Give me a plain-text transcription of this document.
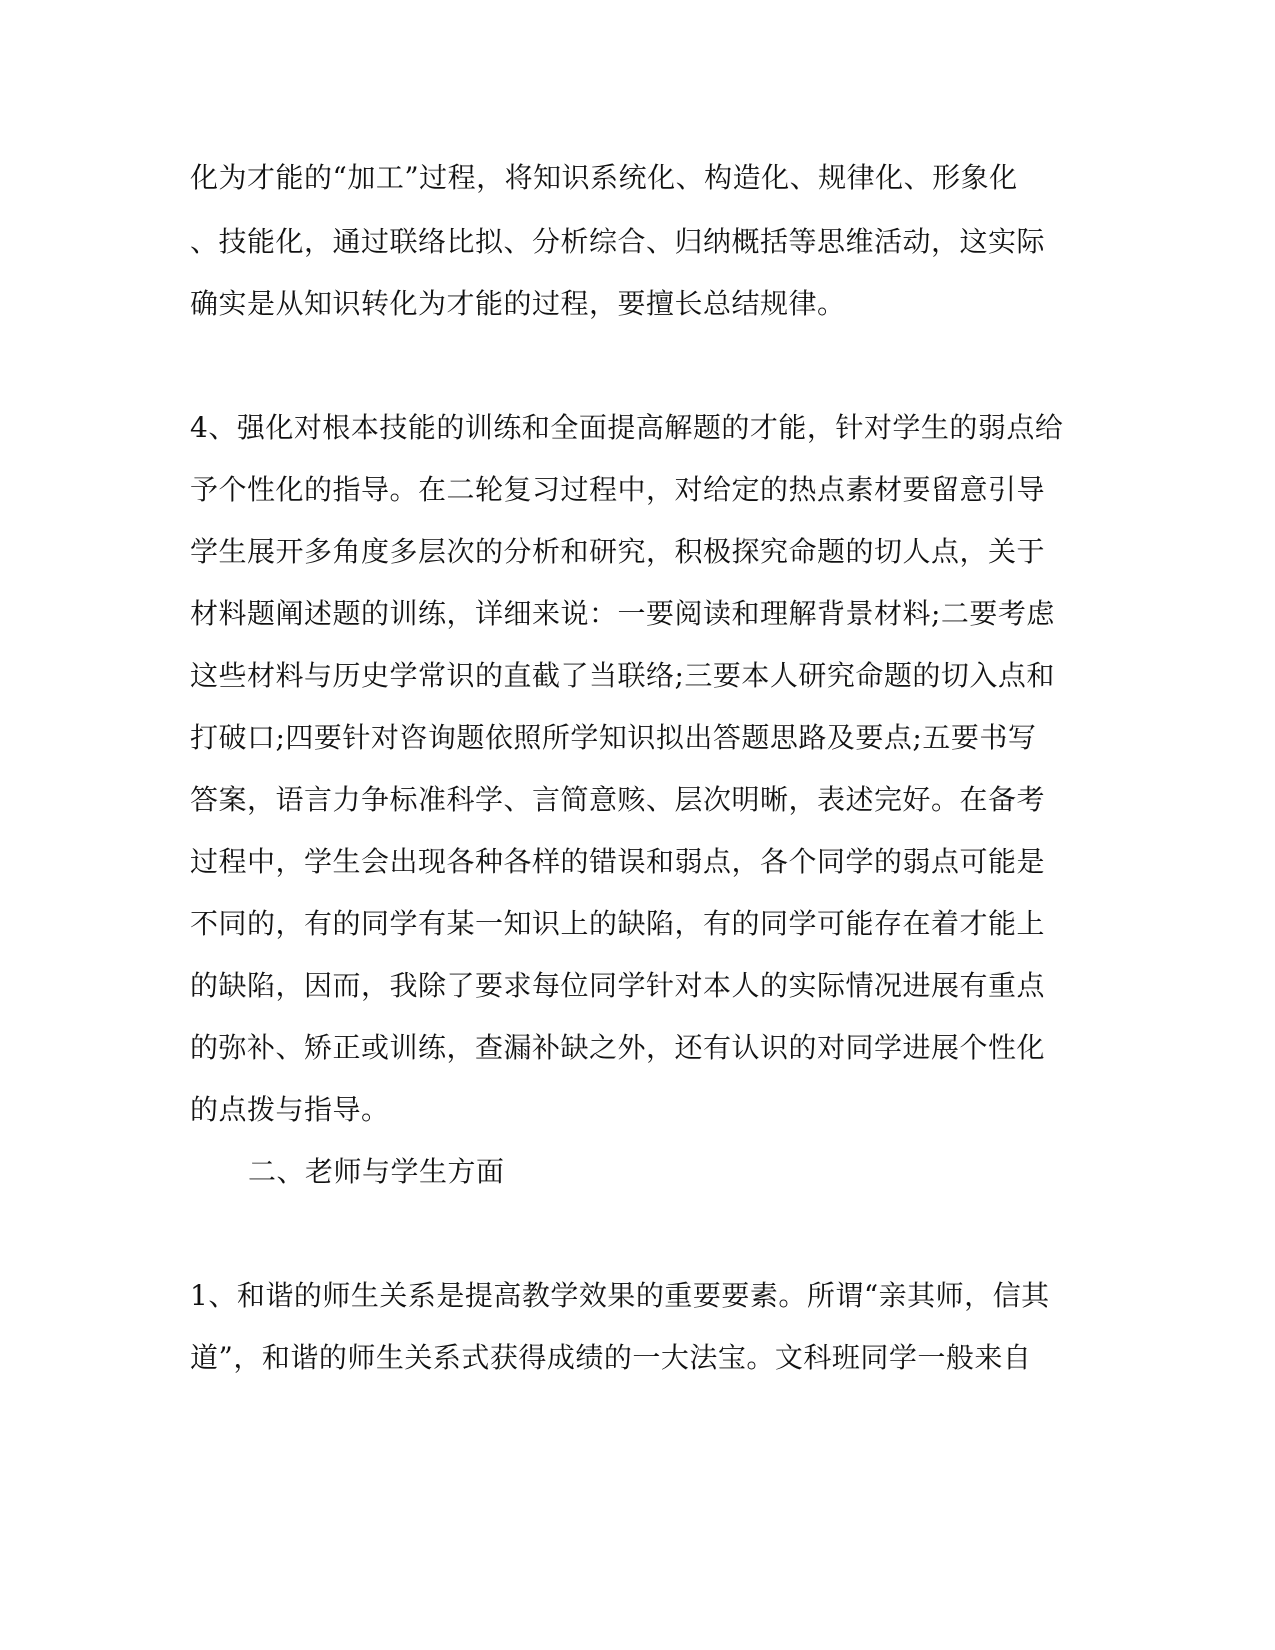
化为才能的“加工”过程，将知识系统化、构造化、规律化、形象化
、技能化，通过联络比拟、分析综合、归纳概括等思维活动，这实际
确实是从知识转化为才能的过程，要擅长总结规律。
4、强化对根本技能的训练和全面提高解题的才能，针对学生的弱点给
予个性化的指导。在二轮复习过程中，对给定的热点素材要留意引导
学生展开多角度多层次的分析和研究，积极探究命题的切人点，关于
材料题阐述题的训练，详细来说：一要阅读和理解背景材料;二要考虑
这些材料与历史学常识的直截了当联络;三要本人研究命题的切入点和
打破口;四要针对咨询题依照所学知识拟出答题思路及要点;五要书写
答案，语言力争标准科学、言简意赅、层次明晰，表述完好。在备考
过程中，学生会出现各种各样的错误和弱点，各个同学的弱点可能是
不同的，有的同学有某一知识上的缺陷，有的同学可能存在着才能上
的缺陷，因而，我除了要求每位同学针对本人的实际情况进展有重点
的弥补、矫正或训练，查漏补缺之外，还有认识的对同学进展个性化
的点拨与指导。
二、老师与学生方面
1、和谐的师生关系是提高教学效果的重要要素。所谓“亲其师，信其
道”，和谐的师生关系式获得成绩的一大法宝。文科班同学一般来自
